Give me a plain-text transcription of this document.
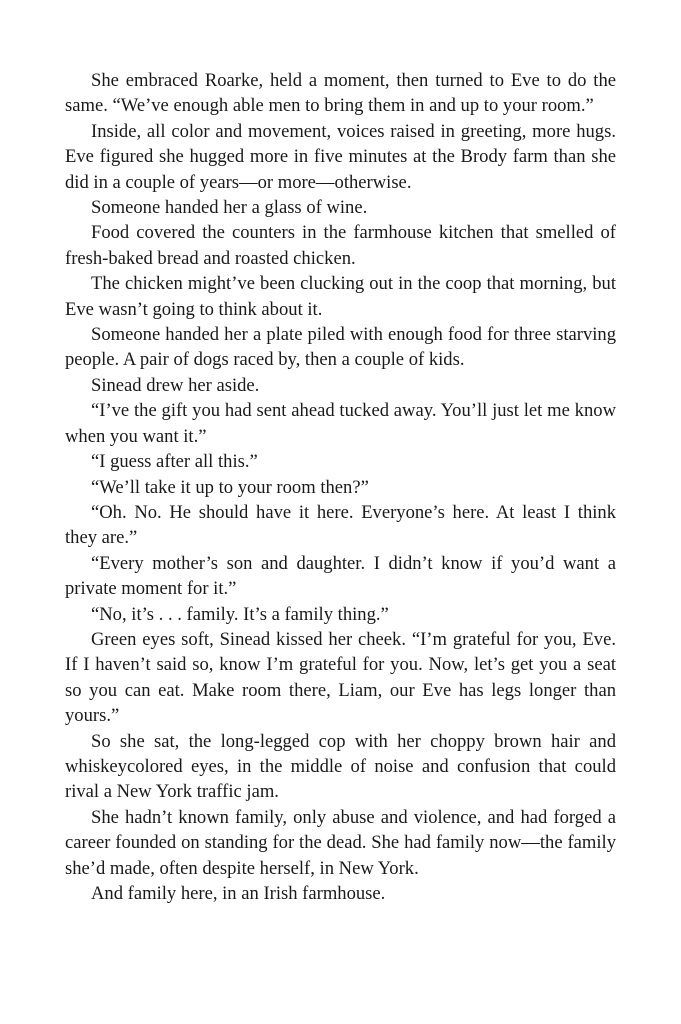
She embraced Roarke, held a moment, then turned to Eve to do the same. “We’ve enough able men to bring them in and up to your room.”

Inside, all color and movement, voices raised in greeting, more hugs. Eve figured she hugged more in five minutes at the Brody farm than she did in a couple of years—or more—otherwise.

Someone handed her a glass of wine.

Food covered the counters in the farmhouse kitchen that smelled of fresh-baked bread and roasted chicken.

The chicken might’ve been clucking out in the coop that morning, but Eve wasn’t going to think about it.

Someone handed her a plate piled with enough food for three starving people. A pair of dogs raced by, then a couple of kids.

Sinead drew her aside.

“I’ve the gift you had sent ahead tucked away. You’ll just let me know when you want it.”

“I guess after all this.”

“We’ll take it up to your room then?”

“Oh. No. He should have it here. Everyone’s here. At least I think they are.”

“Every mother’s son and daughter. I didn’t know if you’d want a private moment for it.”

“No, it’s . . . family. It’s a family thing.”

Green eyes soft, Sinead kissed her cheek. “I’m grateful for you, Eve. If I haven’t said so, know I’m grateful for you. Now, let’s get you a seat so you can eat. Make room there, Liam, our Eve has legs longer than yours.”

So she sat, the long-legged cop with her choppy brown hair and whiskeycolored eyes, in the middle of noise and confusion that could rival a New York traffic jam.

She hadn’t known family, only abuse and violence, and had forged a career founded on standing for the dead. She had family now—the family she’d made, often despite herself, in New York.

And family here, in an Irish farmhouse.
